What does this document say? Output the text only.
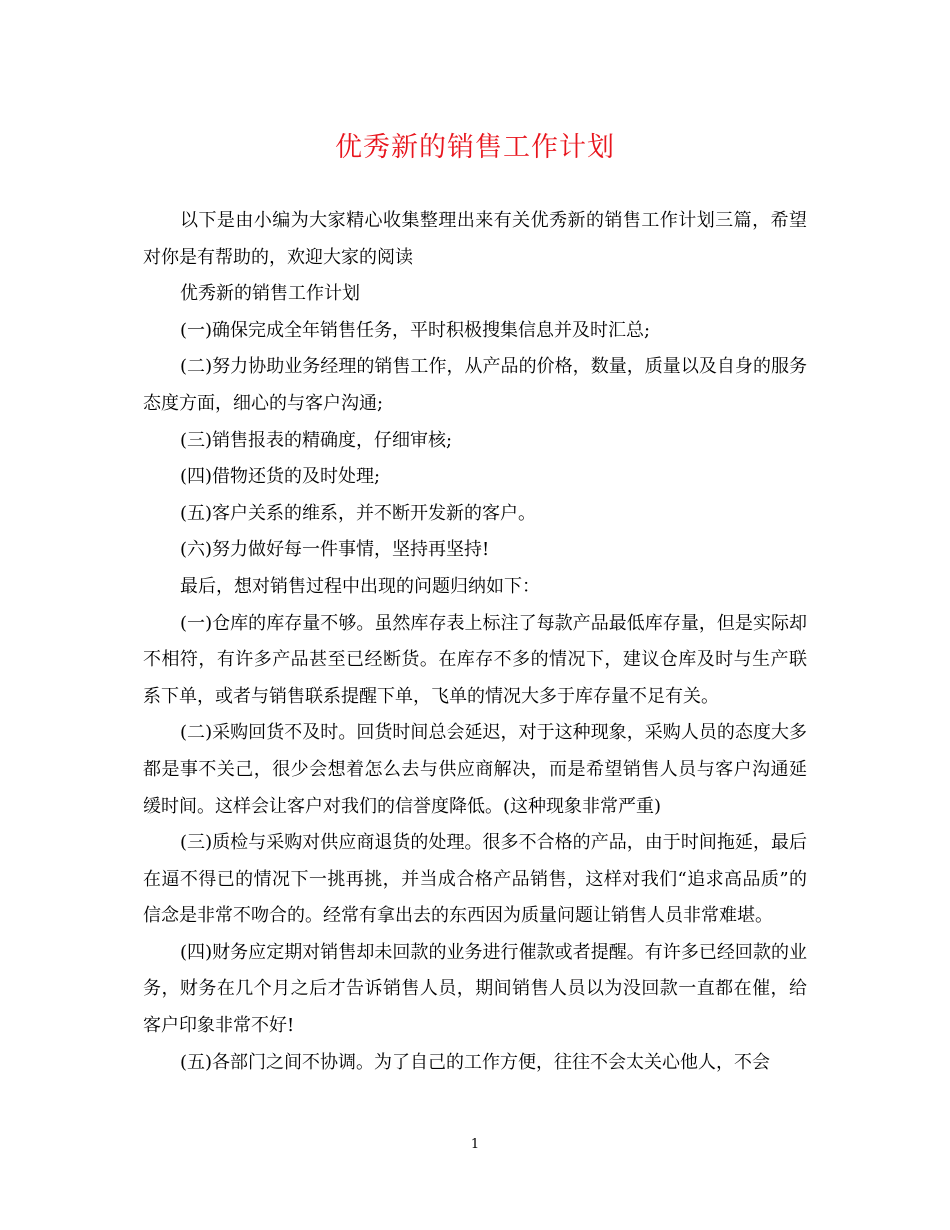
优秀新的销售工作计划

以下是由小编为大家精心收集整理出来有关优秀新的销售工作计划三篇，希望对你是有帮助的，欢迎大家的阅读

优秀新的销售工作计划

(一)确保完成全年销售任务，平时积极搜集信息并及时汇总;

(二)努力协助业务经理的销售工作，从产品的价格，数量，质量以及自身的服务态度方面，细心的与客户沟通;

(三)销售报表的精确度，仔细审核;

(四)借物还货的及时处理;

(五)客户关系的维系，并不断开发新的客户。

(六)努力做好每一件事情，坚持再坚持!

最后，想对销售过程中出现的问题归纳如下：

(一)仓库的库存量不够。虽然库存表上标注了每款产品最低库存量，但是实际却不相符，有许多产品甚至已经断货。在库存不多的情况下，建议仓库及时与生产联系下单，或者与销售联系提醒下单，飞单的情况大多于库存量不足有关。

(二)采购回货不及时。回货时间总会延迟，对于这种现象，采购人员的态度大多都是事不关己，很少会想着怎么去与供应商解决，而是希望销售人员与客户沟通延缓时间。这样会让客户对我们的信誉度降低。(这种现象非常严重)

(三)质检与采购对供应商退货的处理。很多不合格的产品，由于时间拖延，最后在逼不得已的情况下一挑再挑，并当成合格产品销售，这样对我们“追求高品质”的信念是非常不吻合的。经常有拿出去的东西因为质量问题让销售人员非常难堪。

(四)财务应定期对销售却未回款的业务进行催款或者提醒。有许多已经回款的业务，财务在几个月之后才告诉销售人员，期间销售人员以为没回款一直都在催，给客户印象非常不好!

(五)各部门之间不协调。为了自己的工作方便，往往不会太关心他人，不会

1
